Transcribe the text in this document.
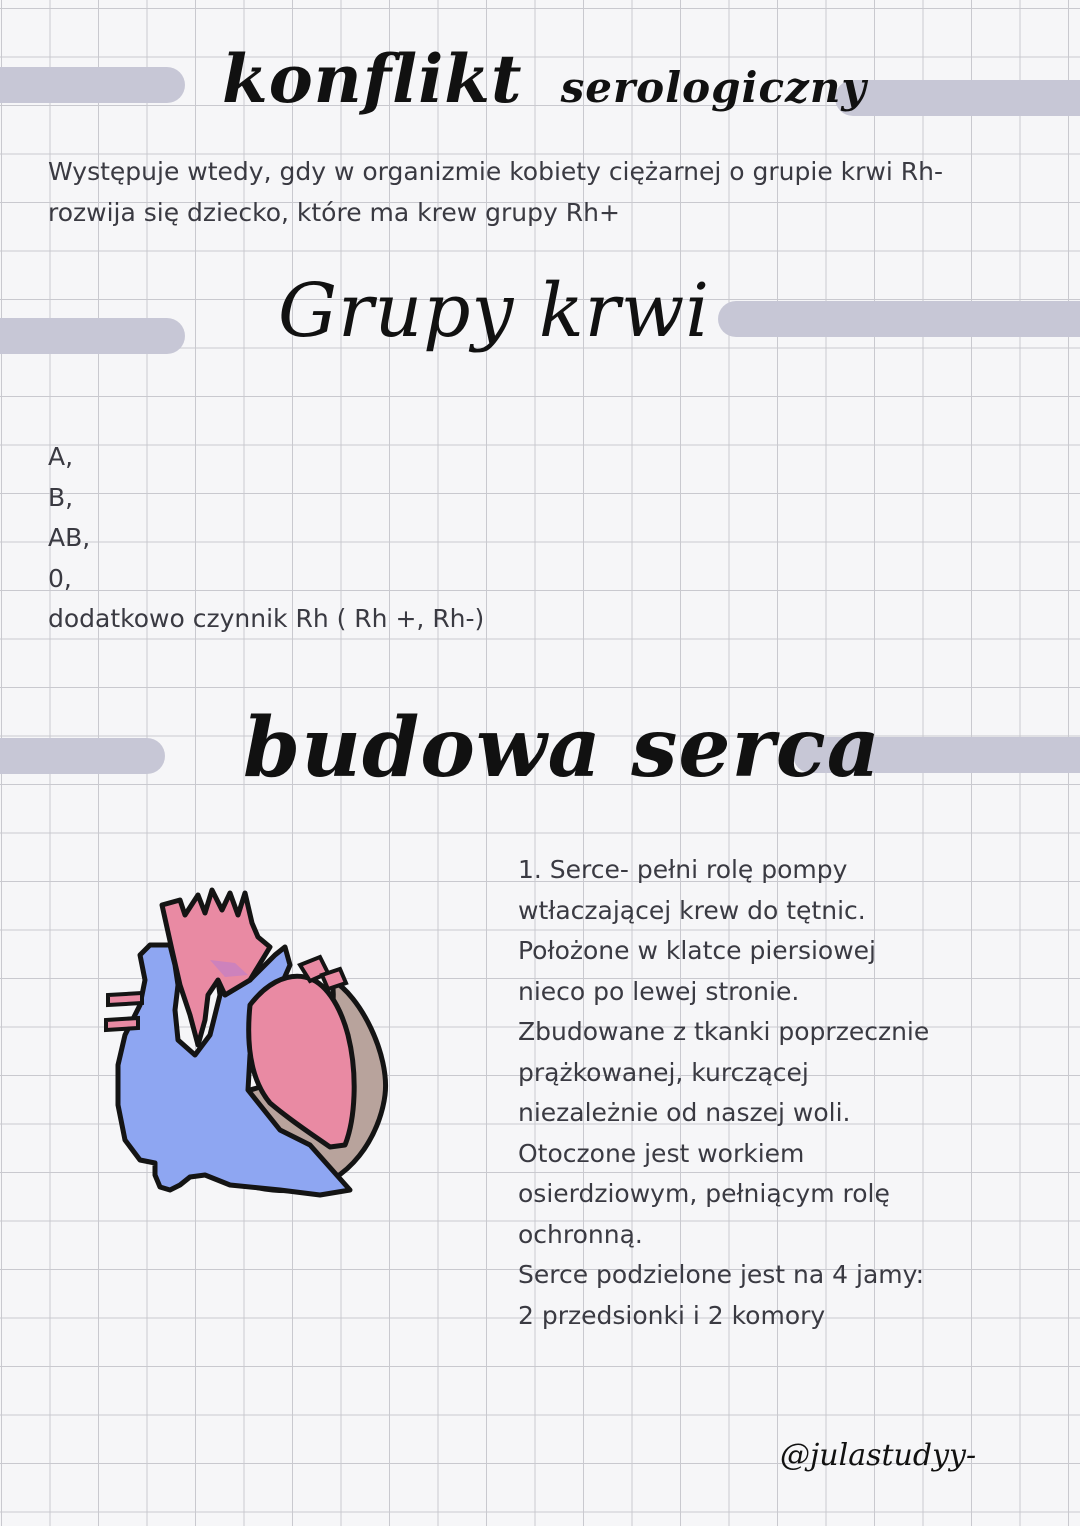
konflikt serologiczny
Występuje wtedy, gdy w organizmie kobiety ciężarnej o grupie krwi Rh-
rozwija się dziecko, które ma krew grupy Rh+
Grupy krwi
A,
B,
AB,
0,
dodatkowo czynnik Rh ( Rh +, Rh-)
budowa serca
1. Serce- pełni rolę pompy
wtłaczającej krew do tętnic.
Położone w klatce piersiowej
nieco po lewej stronie.
Zbudowane z tkanki poprzecznie
prążkowanej, kurczącej
niezależnie od naszej woli.
Otoczone jest workiem
osierdziowym, pełniącym rolę
ochronną.
Serce podzielone jest na 4 jamy:
2 przedsionki i 2 komory
@julastudyy-
